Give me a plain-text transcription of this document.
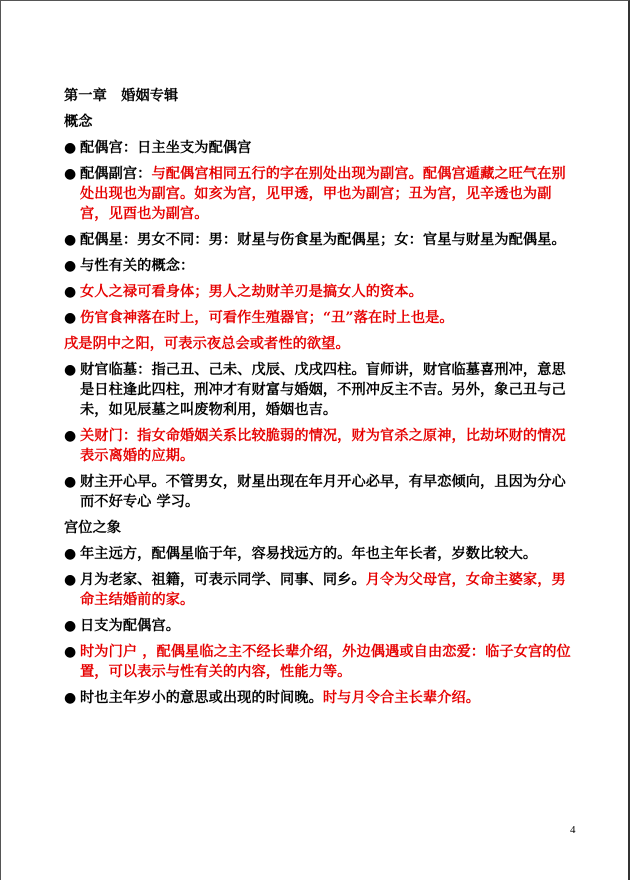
第一章　婚姻专辑
概念
● 配偶宫：日主坐支为配偶宫
● 配偶副宫：与配偶宫相同五行的字在别处出现为副宫。配偶宫遁藏之旺气在别处出现也为副宫。如亥为宫，见甲透，甲也为副宫；丑为宫，见辛透也为副宫，见酉也为副宫。
● 配偶星：男女不同：男：财星与伤食星为配偶星；女：官星与财星为配偶星。
● 与性有关的概念：
● 女人之禄可看身体；男人之劫财羊刃是搞女人的资本。
● 伤官食神落在时上，可看作生殖器官；“丑”落在时上也是。
戌是阴中之阳，可表示夜总会或者性的欲望。
● 财官临墓：指己丑、己未、戊辰、戊戌四柱。盲师讲，财官临墓喜刑冲，意思是日柱逢此四柱，刑冲才有财富与婚姻，不刑冲反主不吉。另外，象己丑与己未，如见辰墓之叫废物利用，婚姻也吉。
● 关财门：指女命婚姻关系比较脆弱的情况，财为官杀之原神，比劫坏财的情况表示离婚的应期。
● 财主开心早。不管男女，财星出现在年月开心必早，有早恋倾向，且因为分心 而不好专心 学习。
宫位之象
● 年主远方，配偶星临于年，容易找远方的。年也主年长者，岁数比较大。
● 月为老家、祖籍，可表示同学、同事、同乡。月令为父母宫，女命主婆家，男命主结婚前的家。
● 日支为配偶宫。
● 时为门户 ，配偶星临之主不经长辈介绍，外边偶遇或自由恋爱：临子女宫的位置，可以表示与性有关的内容，性能力等。
● 时也主年岁小的意思或出现的时间晚。时与月令合主长辈介绍。
4
